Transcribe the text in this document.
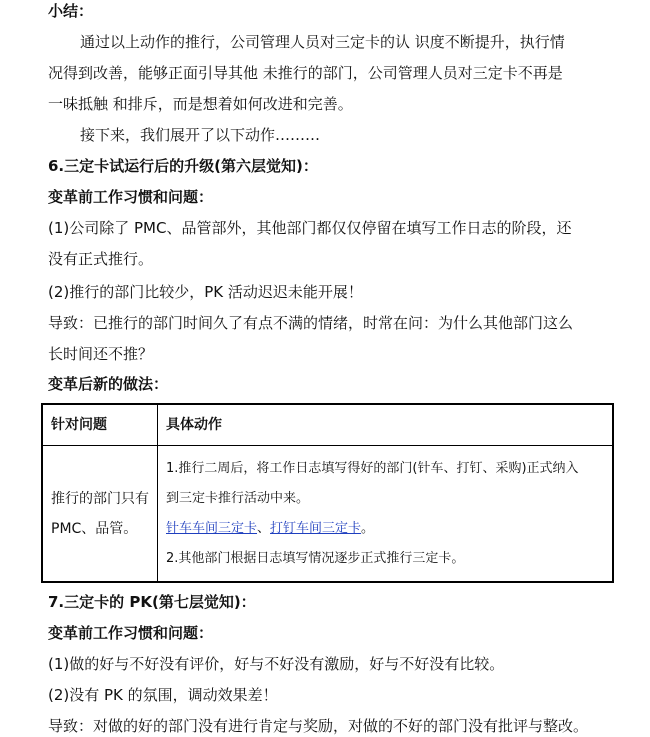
小结：
通过以上动作的推行，公司管理人员对三定卡的认 识度不断提升，执行情
况得到改善，能够正面引导其他 未推行的部门，公司管理人员对三定卡不再是
一味抵触 和排斥，而是想着如何改进和完善。
接下来，我们展开了以下动作………
6.三定卡试运行后的升级(第六层觉知)：
变革前工作习惯和问题：
(1)公司除了 PMC、品管部外，其他部门都仅仅停留在填写工作日志的阶段，还
没有正式推行。
(2)推行的部门比较少，PK 活动迟迟未能开展！
导致：已推行的部门时间久了有点不满的情绪，时常在问：为什么其他部门这么
长时间还不推？
变革后新的做法：
针对问题	具体动作
推行的部门只有 PMC、品管。	1.推行二周后，将工作日志填写得好的部门(针车、打钉、采购)正式纳入
到三定卡推行活动中来。
针车车间三定卡、打钉车间三定卡。
2.其他部门根据日志填写情况逐步正式推行三定卡。
7.三定卡的 PK(第七层觉知)：
变革前工作习惯和问题：
(1)做的好与不好没有评价，好与不好没有激励，好与不好没有比较。
(2)没有 PK 的氛围，调动效果差！
导致：对做的好的部门没有进行肯定与奖励，对做的不好的部门没有批评与整改。
